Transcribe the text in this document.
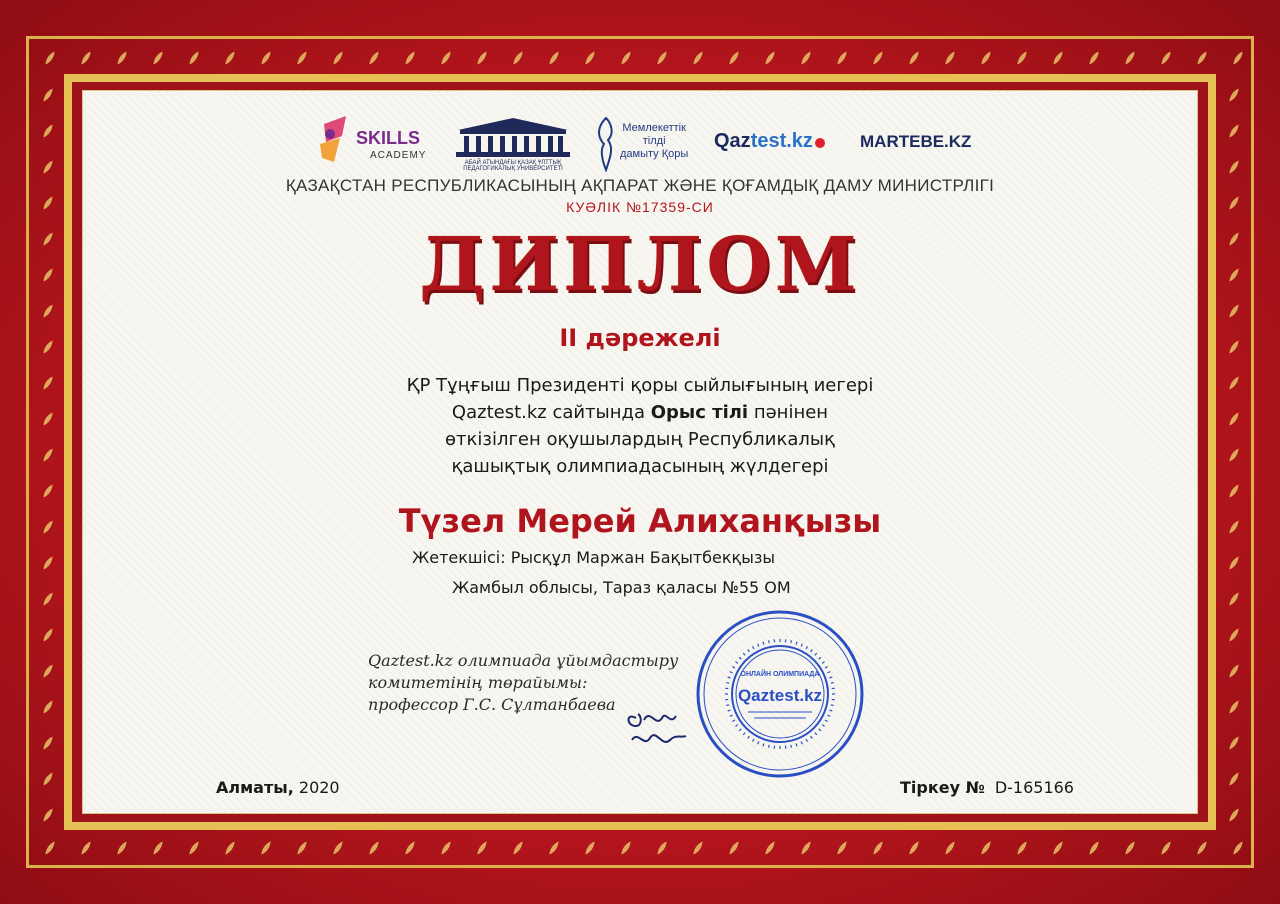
SKILLS
ACADEMY
АБАЙ АТЫНДАҒЫ ҚАЗАҚ ҰЛТТЫҚ ПЕДАГОГИКАЛЫҚ УНИВЕРСИТЕТІ
Мемлекеттік
тілді
дамыту Қоры
Qaztest.kz	MARTEBE.KZ
ҚАЗАҚСТАН РЕСПУБЛИКАСЫНЫҢ АҚПАРАТ ЖӘНЕ ҚОҒАМДЫҚ ДАМУ МИНИСТРЛІГІ
КУӘЛІК №17359-СИ
ДИПЛОМ
II дәрежелі
ҚР Тұңғыш Президенті қоры сыйлығының иегері
Qaztest.kz сайтында Орыс тілі пәнінен
өткізілген оқушылардың Республикалық
қашықтық олимпиадасының жүлдегері
Түзел Мерей Алиханқызы
Жетекшісі: Рысқұл Маржан Бақытбекқызы
Жамбыл облысы, Тараз қаласы №55 ОМ
Qaztest.kz олимпиада ұйымдастыру
комитетінің төрайымы:
профессор Г.С. Сұлтанбаева
ОНЛАЙН ОЛИМПИАДА
Qaztest.kz
Алматы, 2020	Тіркеу № D-165166
